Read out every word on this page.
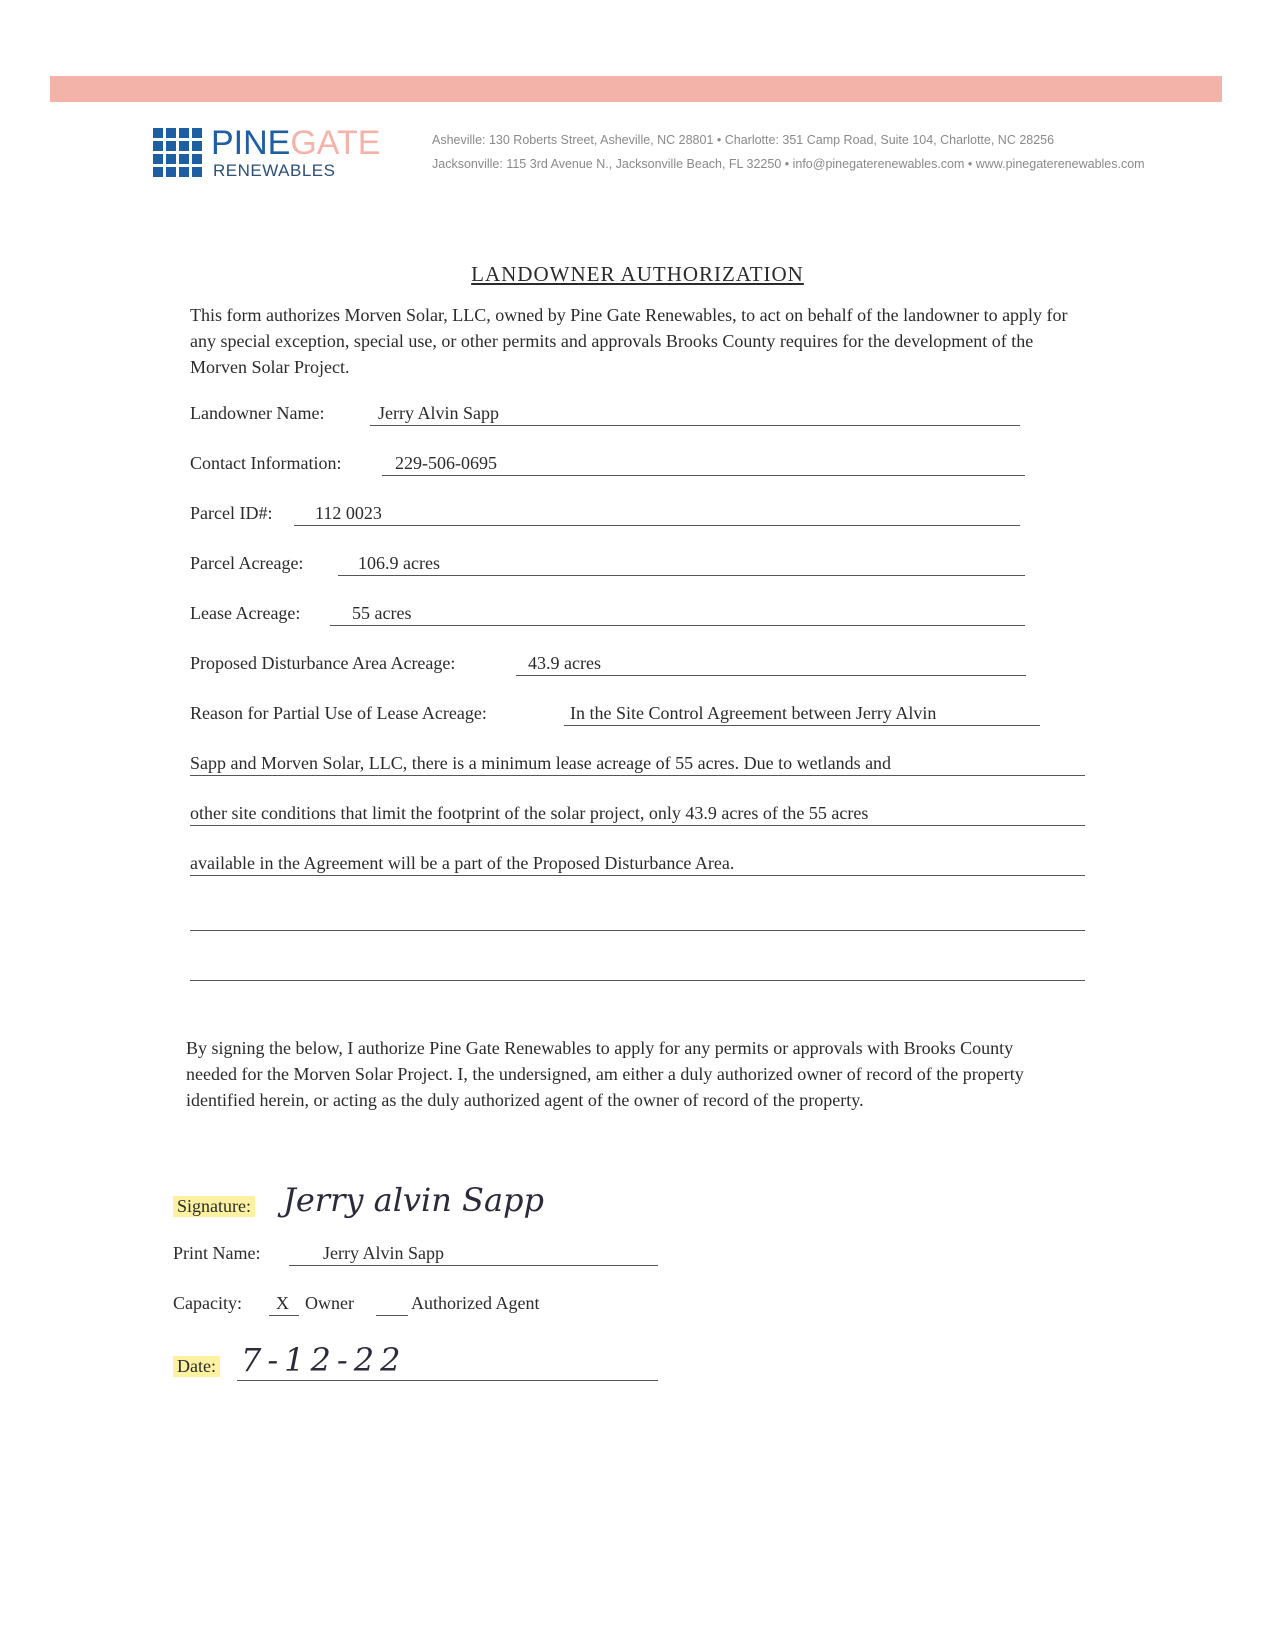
PINEGATE
RENEWABLES
Asheville: 130 Roberts Street, Asheville, NC 28801 • Charlotte: 351 Camp Road, Suite 104, Charlotte, NC 28256
Jacksonville: 115 3rd Avenue N., Jacksonville Beach, FL 32250 • info@pinegaterenewables.com • www.pinegaterenewables.com
LANDOWNER AUTHORIZATION
This form authorizes Morven Solar, LLC, owned by Pine Gate Renewables, to act on behalf of the landowner to apply for any special exception, special use, or other permits and approvals Brooks County requires for the development of the Morven Solar Project.
Landowner Name:	Jerry Alvin Sapp
Contact Information:	229-506-0695
Parcel ID#: 112 0023
Parcel Acreage:	106.9 acres
Lease Acreage:	55 acres
Proposed Disturbance Area Acreage:	43.9 acres
Reason for Partial Use of Lease Acreage:	In the Site Control Agreement between Jerry Alvin
Sapp and Morven Solar, LLC, there is a minimum lease acreage of 55 acres. Due to wetlands and
other site conditions that limit the footprint of the solar project, only 43.9 acres of the 55 acres
available in the Agreement will be a part of the Proposed Disturbance Area.
By signing the below, I authorize Pine Gate Renewables to apply for any permits or approvals with Brooks County needed for the Morven Solar Project. I, the undersigned, am either a duly authorized owner of record of the property identified herein, or acting as the duly authorized agent of the owner of record of the property.
Signature: Jerry alvin Sapp
Print Name:	Jerry Alvin Sapp
Capacity: X Owner	Authorized Agent
Date: 7-12-22
